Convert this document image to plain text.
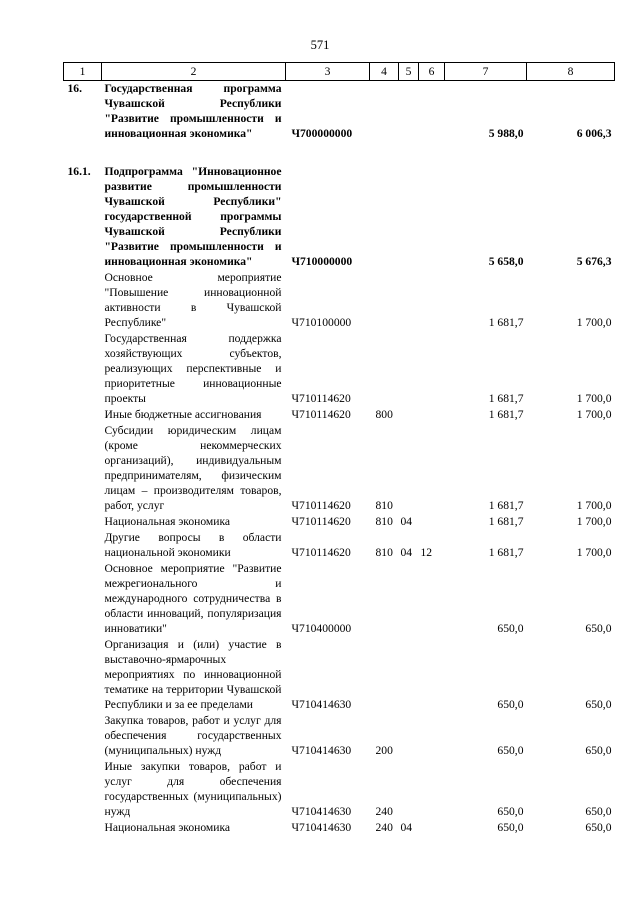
571
1	2	3	4	5	6	7	8
16.	Государственная программа Чувашской Республики "Развитие промышленности и инновационная экономика"	Ч700000000				5 988,0	6 006,3

16.1.	Подпрограмма "Инновационное развитие промышленности Чувашской Республики" государственной программы Чувашской Республики "Развитие промышленности и инновационная экономика"	Ч710000000				5 658,0	5 676,3
	Основное мероприятие "Повышение инновационной активности в Чувашской Республике"	Ч710100000				1 681,7	1 700,0
	Государственная поддержка хозяйствующих субъектов, реализующих перспективные и приоритетные инновационные проекты	Ч710114620				1 681,7	1 700,0
	Иные бюджетные ассигнования	Ч710114620	800			1 681,7	1 700,0
	Субсидии юридическим лицам (кроме некоммерческих организаций), индивидуальным предпринимателям, физическим лицам – производителям товаров, работ, услуг	Ч710114620	810			1 681,7	1 700,0
	Национальная экономика	Ч710114620	810	04		1 681,7	1 700,0
	Другие вопросы в области национальной экономики	Ч710114620	810	04	12	1 681,7	1 700,0
	Основное мероприятие "Развитие межрегионального и международного сотрудничества в области инноваций, популяризация инноватики"	Ч710400000				650,0	650,0
	Организация и (или) участие в выставочно-ярмарочных мероприятиях по инновационной тематике на территории Чувашской Республики и за ее пределами	Ч710414630				650,0	650,0
	Закупка товаров, работ и услуг для обеспечения государственных (муниципальных) нужд	Ч710414630	200			650,0	650,0
	Иные закупки товаров, работ и услуг для обеспечения государственных (муниципальных) нужд	Ч710414630	240			650,0	650,0
	Национальная экономика	Ч710414630	240	04		650,0	650,0
